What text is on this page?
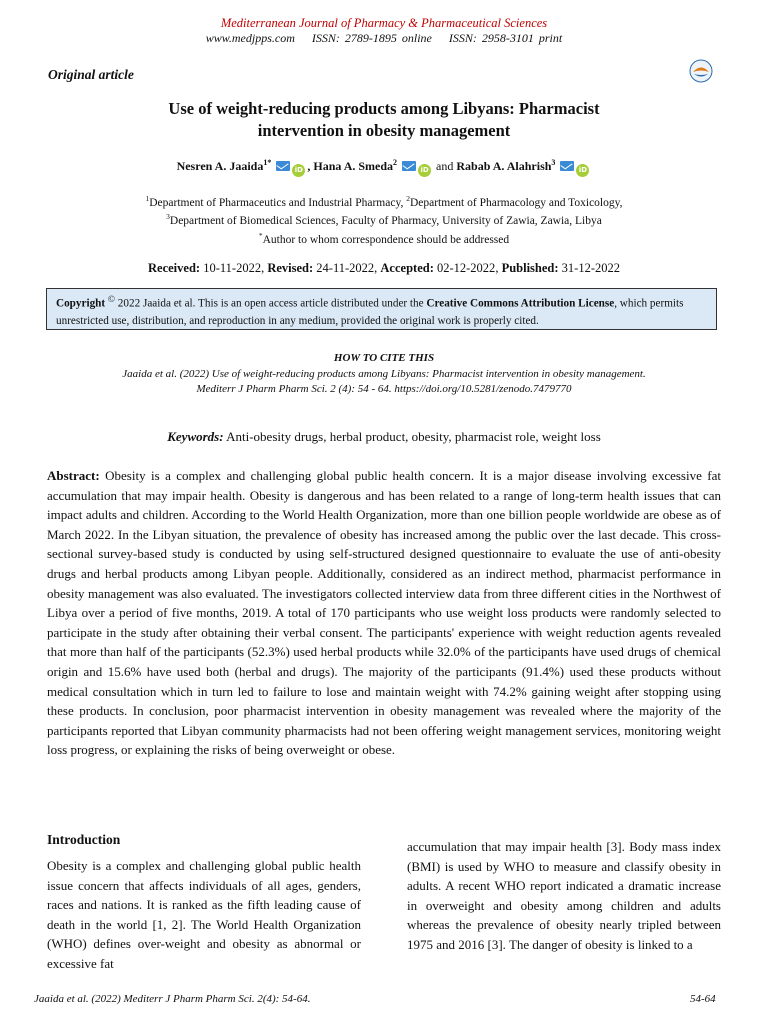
Mediterranean Journal of Pharmacy & Pharmaceutical Sciences
www.medjpps.com ISSN: 2789-1895 online ISSN: 2958-3101 print
Original article
Use of weight-reducing products among Libyans: Pharmacist
intervention in obesity management
Nesren A. Jaaida$^{1*}$ iD , Hana A. Smeda$^2$ iD and Rabab A. Alahrish$^3$ iD
$^1$Department of Pharmaceutics and Industrial Pharmacy, $^2$Department of Pharmacology and Toxicology,
$^3$Department of Biomedical Sciences, Faculty of Pharmacy, University of Zawia, Zawia, Libya
*Author to whom correspondence should be addressed
Received: 10-11-2022, Revised: 24-11-2022, Accepted: 02-12-2022, Published: 31-12-2022
Copyright © 2022 Jaaida et al. This is an open access article distributed under the Creative Commons Attribution License, which permits unrestricted use, distribution, and reproduction in any medium, provided the original work is properly cited.
HOW TO CITE THIS
Jaaida et al. (2022) Use of weight-reducing products among Libyans: Pharmacist intervention in obesity management.
Mediterr J Pharm Pharm Sci. 2 (4): 54 - 64. https://doi.org/10.5281/zenodo.7479770
Keywords: Anti-obesity drugs, herbal product, obesity, pharmacist role, weight loss
Abstract: Obesity is a complex and challenging global public health concern. It is a major disease involving excessive fat accumulation that may impair health. Obesity is dangerous and has been related to a range of long-term health issues that can impact adults and children. According to the World Health Organization, more than one billion people worldwide are obese as of March 2022. In the Libyan situation, the prevalence of obesity has increased among the public over the last decade. This cross-sectional survey-based study is conducted by using self-structured designed questionnaire to evaluate the use of anti-obesity drugs and herbal products among Libyan people. Additionally, considered as an indirect method, pharmacist performance in obesity management was also evaluated. The investigators collected interview data from three different cities in the Northwest of Libya over a period of five months, 2019. A total of 170 participants who use weight loss products were randomly selected to participate in the study after obtaining their verbal consent. The participants' experience with weight reduction agents revealed that more than half of the participants (52.3%) used herbal products while 32.0% of the participants have used drugs of chemical origin and 15.6% have used both (herbal and drugs). The majority of the participants (91.4%) used these products without medical consultation which in turn led to failure to lose and maintain weight with 74.2% gaining weight after stopping using these products. In conclusion, poor pharmacist intervention in obesity management was revealed where the majority of the participants reported that Libyan community pharmacists had not been offering weight management services, monitoring weight loss progress, or explaining the risks of being overweight or obese.
Introduction
Obesity is a complex and challenging global public health issue concern that affects individuals of all ages, genders, races and nations. It is ranked as the fifth leading cause of death in the world [1, 2]. The World Health Organization (WHO) defines over-weight and obesity as abnormal or excessive fat
accumulation that may impair health [3]. Body mass index (BMI) is used by WHO to measure and classify obesity in adults. A recent WHO report indicated a dramatic increase in overweight and obesity among children and adults whereas the prevalence of obesity nearly tripled between 1975 and 2016 [3]. The danger of obesity is linked to a
Jaaida et al. (2022) Mediterr J Pharm Pharm Sci. 2(4): 54-64.	54-64
